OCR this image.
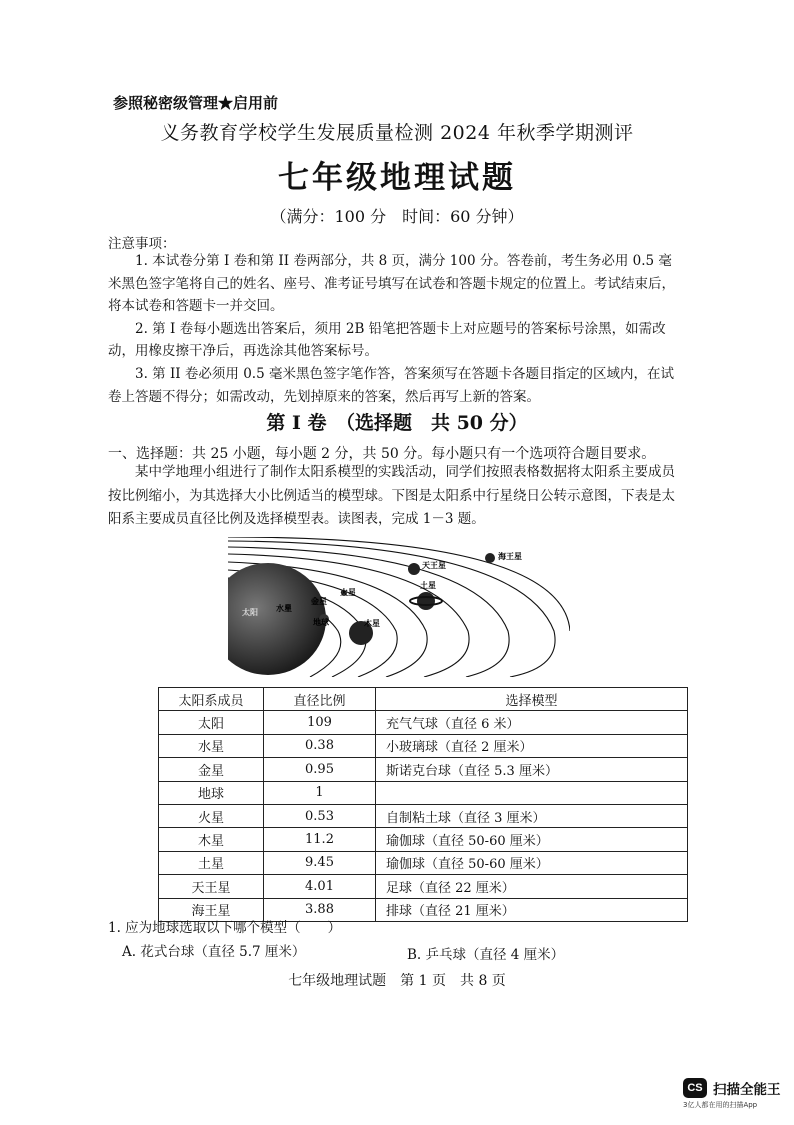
参照秘密级管理★启用前
义务教育学校学生发展质量检测 2024 年秋季学期测评
七年级地理试题
（满分：100 分　时间：60 分钟）
注意事项：

1. 本试卷分第 I 卷和第 II 卷两部分，共 8 页，满分 100 分。答卷前，考生务必用 0.5 毫米黑色签字笔将自己的姓名、座号、准考证号填写在试卷和答题卡规定的位置上。考试结束后，将本试卷和答题卡一并交回。

2. 第 I 卷每小题选出答案后，须用 2B 铅笔把答题卡上对应题号的答案标号涂黑，如需改动，用橡皮擦干净后，再选涂其他答案标号。

3. 第 II 卷必须用 0.5 毫米黑色签字笔作答，答案须写在答题卡各题目指定的区域内，在试卷上答题不得分；如需改动，先划掉原来的答案，然后再写上新的答案。

第 I 卷　（选择题　共 50 分）
一、选择题：共 25 小题，每小题 2 分，共 50 分。每小题只有一个选项符合题目要求。
某中学地理小组进行了制作太阳系模型的实践活动，同学们按照表格数据将太阳系主要成员按比例缩小，为其选择大小比例适当的模型球。下图是太阳系中行星绕日公转示意图，下表是太阳系主要成员直径比例及选择模型表。读图表，完成 1－3 题。
太阳 水星
金星
地球
火星
木星
土星
天王星
海王星
太阳系成员	直径比例	选择模型
太阳	109	充气气球（直径 6 米）
水星	0.38	小玻璃球（直径 2 厘米）
金星	0.95	斯诺克台球（直径 5.3 厘米）
地球	1	
火星	0.53	自制粘土球（直径 3 厘米）
木星	11.2	瑜伽球（直径 50-60 厘米）
土星	9.45	瑜伽球（直径 50-60 厘米）
天王星	4.01	足球（直径 22 厘米）
海王星	3.88	排球（直径 21 厘米）
1. 应为地球选取以下哪个模型（　　）
A. 花式台球（直径 5.7 厘米）	B. 乒乓球（直径 4 厘米）
七年级地理试题　第 1 页　共 8 页
CS 扫描全能王
3亿人都在用的扫描App
